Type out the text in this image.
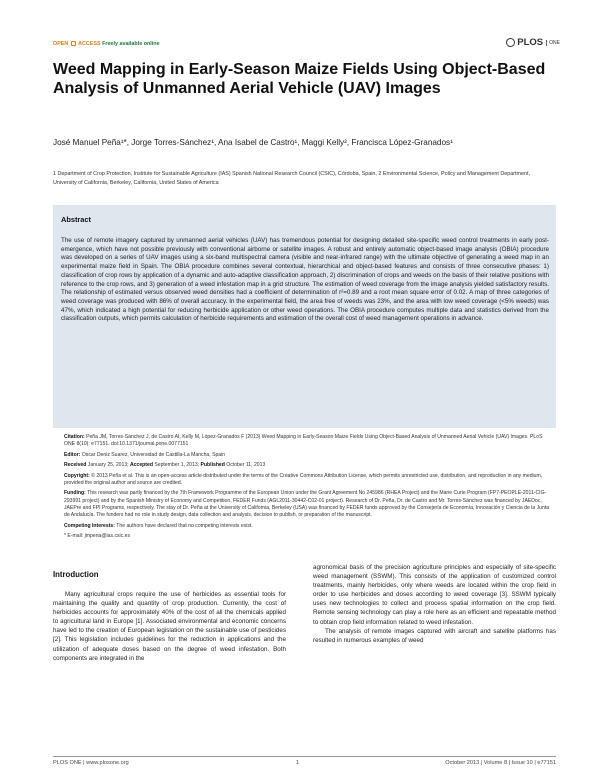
OPEN ACCESS Freely available online	PLOS	ONE
Weed Mapping in Early-Season Maize Fields Using Object-Based Analysis of Unmanned Aerial Vehicle (UAV) Images
José Manuel Peña¹*, Jorge Torres-Sánchez¹, Ana Isabel de Castro¹, Maggi Kelly², Francisca López-Granados¹
1 Department of Crop Protection, Institute for Sustainable Agriculture (IAS) Spanish National Research Council (CSIC), Córdoba, Spain, 2 Environmental Science, Policy and Management Department, University of California, Berkeley, California, United States of America
Abstract
The use of remote imagery captured by unmanned aerial vehicles (UAV) has tremendous potential for designing detailed site-specific weed control treatments in early post-emergence, which have not possible previously with conventional airborne or satellite images. A robust and entirely automatic object-based image analysis (OBIA) procedure was developed on a series of UAV images using a six-band multispectral camera (visible and near-infrared range) with the ultimate objective of generating a weed map in an experimental maize field in Spain. The OBIA procedure combines several contextual, hierarchical and object-based features and consists of three consecutive phases: 1) classification of crop rows by application of a dynamic and auto-adaptive classification approach, 2) discrimination of crops and weeds on the basis of their relative positions with reference to the crop rows, and 3) generation of a weed infestation map in a grid structure. The estimation of weed coverage from the image analysis yielded satisfactory results. The relationship of estimated versus observed weed densities had a coefficient of determination of r²=0.89 and a root mean square error of 0.02. A map of three categories of weed coverage was produced with 86% of overall accuracy. In the experimental field, the area free of weeds was 23%, and the area with low weed coverage (<5% weeds) was 47%, which indicated a high potential for reducing herbicide application or other weed operations. The OBIA procedure computes multiple data and statistics derived from the classification outputs, which permits calculation of herbicide requirements and estimation of the overall cost of weed management operations in advance.

Citation: Peña JM, Torres-Sánchez J, de Castro AI, Kelly M, López-Granados F (2013) Weed Mapping in Early-Season Maize Fields Using Object-Based Analysis of Unmanned Aerial Vehicle (UAV) Images. PLoS ONE 8(10): e77151. doi:10.1371/journal.pone.0077151

Editor: Oscar Deniz Suarez, Universidad de Castilla-La Mancha, Spain

Received January 25, 2013; Accepted September 1, 2013; Published October 11, 2013

Copyright: © 2013 Peña et al. This is an open-access article distributed under the terms of the Creative Commons Attribution License, which permits unrestricted use, distribution, and reproduction in any medium, provided the original author and source are credited.

Funding: This research was partly financed by the 7th Framework Programme of the European Union under the Grant Agreement No 245986 (RHEA Project) and the Marie Curie Program (FP7-PEOPLE-2011-CIG-293991 project) and by the Spanish Ministry of Economy and Competition, FEDER Funds (AGL2011-30442-C02-01 project). Research of Dr. Peña, Dr. de Castro and Mr. Torres-Sánchez was financed by JAEDoc, JAEPre and FPI Programs, respectively. The stay of Dr. Peña at the University of California, Berkeley (USA) was financed by FEDER funds approved by the Consejería de Economía, Innovación y Ciencia de la Junta de Andalucía. The funders had no role in study design, data collection and analysis, decision to publish, or preparation of the manuscript.

Competing Interests: The authors have declared that no competing interests exist.

* E-mail: jmpena@ias.csic.es

Introduction

Many agricultural crops require the use of herbicides as essential tools for maintaining the quality and quantity of crop production. Currently, the cost of herbicides accounts for approximately 40% of the cost of all the chemicals applied to agricultural land in Europe [1]. Associated environmental and economic concerns have led to the creation of European legislation on the sustainable use of pesticides [2]. This legislation includes guidelines for the reduction in applications and the utilization of adequate doses based on the degree of weed infestation. Both components are integrated in the

agronomical basis of the precision agriculture principles and especially of site-specific weed management (SSWM). This consists of the application of customized control treatments, mainly herbicides, only where weeds are located within the crop field in order to use herbicides and doses according to weed coverage [3]. SSWM typically uses new technologies to collect and process spatial information on the crop field. Remote sensing technology can play a role here as an efficient and repeatable method to obtain crop field information related to weed infestation.

The analysis of remote images captured with aircraft and satellite platforms has resulted in numerous examples of weed

PLOS ONE | www.plosone.org	1	October 2013 | Volume 8 | Issue 10 | e77151
